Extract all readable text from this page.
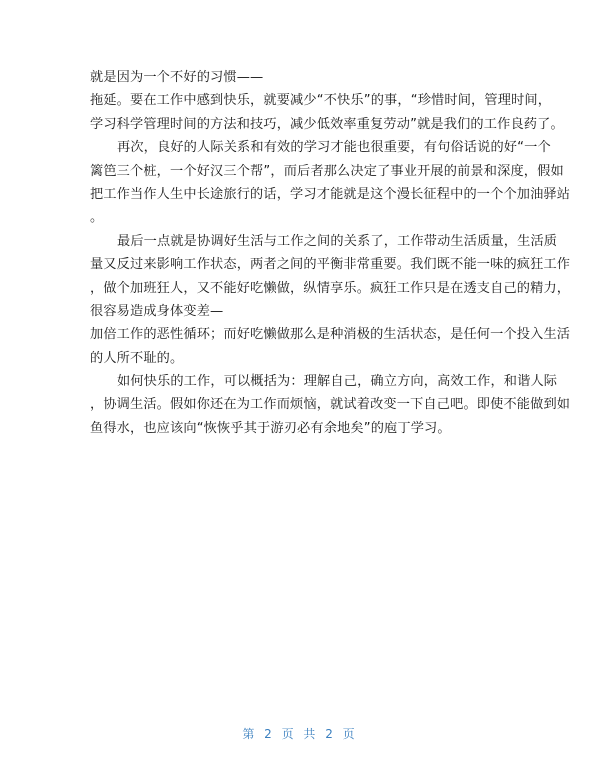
就是因为一个不好的习惯——
拖延。要在工作中感到快乐，就要减少“不快乐”的事，“珍惜时间，管理时间，
学习科学管理时间的方法和技巧，减少低效率重复劳动”就是我们的工作良药了。
再次，良好的人际关系和有效的学习才能也很重要，有句俗话说的好“一个
篱笆三个桩，一个好汉三个帮”，而后者那么决定了事业开展的前景和深度，假如
把工作当作人生中长途旅行的话，学习才能就是这个漫长征程中的一个个加油驿站
。
最后一点就是协调好生活与工作之间的关系了，工作带动生活质量，生活质
量又反过来影响工作状态，两者之间的平衡非常重要。我们既不能一味的疯狂工作
，做个加班狂人，又不能好吃懒做，纵情享乐。疯狂工作只是在透支自己的精力，
很容易造成身体变差—
加倍工作的恶性循环；而好吃懒做那么是种消极的生活状态，是任何一个投入生活
的人所不耻的。
如何快乐的工作，可以概括为：理解自己，确立方向，高效工作，和谐人际
，协调生活。假如你还在为工作而烦恼，就试着改变一下自己吧。即使不能做到如
鱼得水，也应该向“恢恢乎其于游刃必有余地矣”的庖丁学习。
第 2 页 共 2 页
